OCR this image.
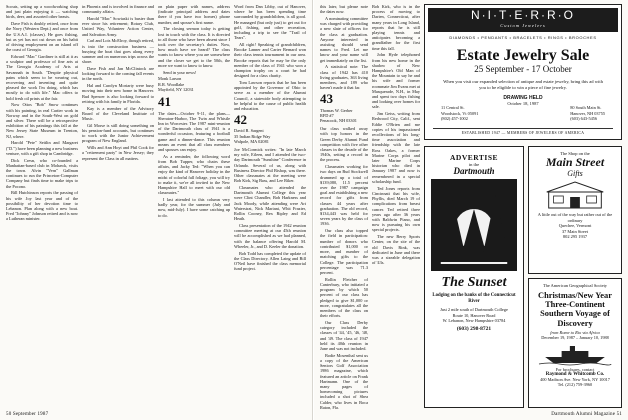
Scouts, setting up a woodworking shop and just plain enjoying it — watching birds, deer, and assorted other beasts.

Dave Fish is doubly retired, once from the Navy (Western Dept.) and once from the U.S.A.I. (classes). He goes fishing, but as yet has not cut down on his habit of driving employment on an island off the coast of Georgia.

Edward "Mac" Gardiner is still at it as a sculptor and professor of fine arts at The Georgia Academy of Arts at Savannah in South. "Despite physical pains which seem to be wearing out, recovering and inventing and quite pleased the work I'm doing, which has mostly to do with life." Mac offers to hold fresh oil prints at the fair.

Now Ottos "Bob" Snow continues with his painting, in real Cartier work in Norway and in the South-West on gold and silver. There will be a retrospective exhibition of his paintings this fall at the New Jersey State Museum in Trenton, NJ, where.

Harold "Pete" Seitlin and Margaret ("D.") have been planning a new business venture, with a gift shop in Cambridge.

Dick Cresn, who co-founded a Manhattan-based club in Mohawk, visits the town. Alvin "Vern" Gallman continues to run the Princeton-Computer Company but finds time to make trips to the Pocono.

Bill Hutchinson reports the passing of his wife Joy last year and of the possibility of her devotion time to Lebanon. Plan along with a new boat. Fred "Johnny" Johnson retired and is now a Lutheran minister.

in Phoenix and is involved in finance and community affairs.

Harold "Mac" Sowiaski is busier than ever since his retirement; Rotary Club, United Way, Volunteer Action Center, and Salvation Army.

Carl and Lois McElroy, though retired, is into the construction business — busying the boat that goes along every summer and on numerous trips across the shore.

Dave Fish and Jan McClintock are looking forward to the coming fall events in the north.

Hal and Carolyn Moriarty were busy moving into their new home in Hanover. Bud Spencer is also looking forward to retiring with his family in Florida.

Kay is a member of the Advisory Board of the Cleveland Institute of Music.

Gil Morse is still doing something on his pension-fund accounts, but continues to work with the Junior Achievement program of New England.

Wills and Ann Hoyt and Phil Cook for a "retirement party" in New Jersey; they represent the Class in all matters.

on plain paper with names, address (indicate principal address and dates there if you have two homes) phone number, and spouse's first name.

The closing sermon today is getting lost in touch with the class. It is directed to all those who have been absent since I took over the secretary's duties. Now, how much have we heard? The class wants to know where you are somewhere and the closer we get to the 50th, the more we want to know to know.

Send in your news!

Monk Larson
R.R. Woodlake
Mayfield, NY 12031

41

The dates—October 9-11, the plans—Sheraton-Harbor, The Twin and Whistle Inn in Worcester. The 1987 mini-reunion of the Dartmouth class of 1941 is a wonderful occasion, featuring a football game and a dinner-dance. This reunion means an event that all class members and spouses can enjoy.

As a reminder, the following word from Bob Tupper, who chairs these affairs, and Jacky Ted: "When you can enjoy the kind of Hanover holiday in the midst of colorful fall foliage, you will try to make it, we're all invited to the New Hampshire Hall to meet with our old classmates."

I last attended to this column very badly year, for the summer (July and now, mid-July). I have some catching up to do.

Word from Dan Libby, out of Hanover, where he has been spending time surrounded by grandchildren, is all good. He managed (but only just) to get out for golf, fishing, and other recreation, including a trip to see the "Trail of Tears".

All right! Speaking of grandchildren, Brooke Lanner and Carter Bernard won their class tennis tournament in our area. Brooke reports that he may be the only member of the class of 1941 who won a champion trophy on a court he had designed for a class charity.

Tom Lawson reports that he has been appointed by the Governor of Ohio to serve as a member of the Alumni Council, a statewide body attempting to be helpful to the cause of public health and education.

42

David R. Sargent
35 Indian Ridge Way
Walpole, MA 02081

Joe McCormick writes: "In late March my wife, Eileen, and I attended the two-day Dartmouth "Sunshine" Conference in Orlando. Several of us, along with Business Director Phil Bishop, was there. Other classmates at the meeting were Bob Kirk, Sig Bass, and Lee Riker.

Classmates who attended the Dartmouth Alumni College this year were Clint Chandler, Bob Harkness and Jack Moody, while attending were Art Waterstrat, Nick Mariani, Whit Frazier, Rollin Cooney, Rex Ripley and Ed Heath.

Class presentation of the 1942 reunion committee meeting at our 45th reunion will be accomplished as we had planned, with the balance offering Harold M. Wheeler, Jr., and D. Keeler the donation.

Bob Todd has completed the update of the Class Directory. Allen Laing and Bill O'Neil have finished the class memorial fund project.

50 September 1987

this later, but please note the dates now.

A nominating committee was charged with providing a new slate of officers for the class at graduation. Anyone interested in assisting should send names to Fred. Let me know and your name will get immediately on the list.

A statistical note: The class of 1942 has 410 living graduates, 363 living members, and 189 who haven't made it that far.

43

Thomas W. Gerber
RFD #7
Penacook, NH 03301

Our class walked away with top honors in the Green Derby Alumni Fund competition with five other classes in the decade of the 1940s, setting a record in the process.

Classmates working for two days on Bud Stockwell drummed up a total of $139,080, 11.5 percent over the 1987 campaign goal and establishing a new record for gifts from classes 44 years after graduation. The old record, $134,443 was held for seven years by the class of 1936.

Our class also topped the field in participation: number of donors who contributed $1,000 or more, and number of matching gifts to the College. The participation percentage was 71.3 percent.

Rollin Fletcher of Canterbury, who initiated a program by which 50 percent of our class has pledged to give $1,000 or more, congratulates all the members of the class on their efforts.

Our Class Derby category included the classes of '44, '45, '46, '48, and '49. The class of 1947 held its 40th reunion in June and was not included.

Bodie Mosenthal sent us a copy of the American Seniors Golf Association 1986 magazine, which featured an article on Frank Hartmann. One of the many pages of homecoming pictures included a shot of Shea Calder, who lives in Boca Raton, Fla.

Bob Kirk, who is in the process of moving to Darien, Connecticut, after many years in Long Island, reports that he is still playing tennis and anticipates becoming a grandfather for the first time this fall.

John Hyde telephoned from his new home in the shadow of New Hampshire's Old Man of the Mountain to say he and his wife and former roommate Jim Evans met at Masquerade, N.H., in May and spent two days fishing and looking over homes for sale.

Jim Geiss, writing from Redwood City, Calif., sent Eddie O'Brien and me copies of his impassioned recollections of his long-time association and friendship with the late Ross Oakes, a former Marine Corps pilot and later Marine Corps historian who died in January 1987 and now is remembered in a special scholarship fund.

Ted Jones reports from Cincinnati that his wife, Phyllis, died March 19 of complications from breast cancer. Ted retired three years ago after 36 years with Baldwin Piano, and now is pursuing his own special projects.

The new Berry Sports Center, on the site of the old Davis Rink, was dedicated in June and there was a sizeable delegation of '43s.

N·I·T·E·R·R·O
Custom Jewelers
DIAMONDS • PENDANTS • BRACELETS • RINGS • BROOCHES
Estate Jewelry Sale
25 September - 17 October
When you visit our expanded selection of antique and estate jewelry, bring this ad with you to be eligible to win a piece of fine jewelry.
DRAWING HELD
October 18, 1987
11 Central St.
Woodstock, Vt 05091
(802) 457-1002
80 South Main St.
Hanover, NH 03755
(603) 643-5456
ESTABLISHED 1947 — MEMBERS OF JEWELERS OF AMERICA
ADVERTISE
in the
Dartmouth
The Sunset
Lodging on the banks of the Connecticut River
Just 2 mile south of Dartmouth College
Route 10, Hanover Road
W. Lebanon, New Hampshire 03784
(603) 298-8721
The Shop on the
Main Street
Gifts
A little out of the way but rather out of the ordinary
Quechee, Vermont
37 Main Street
802 295 1937
The American Geographical Society
Christmas/New Year Three-Continent Southern Voyage of Discovery
from Rome to Rio via Africa
December 19, 1987 – January 10, 1988
For brochures, contact
Raymond & Whitcomb Co.
400 Madison Ave. New York, NY 10017
Tel. (212) 759-3960
Dartmouth Alumni Magazine 51
